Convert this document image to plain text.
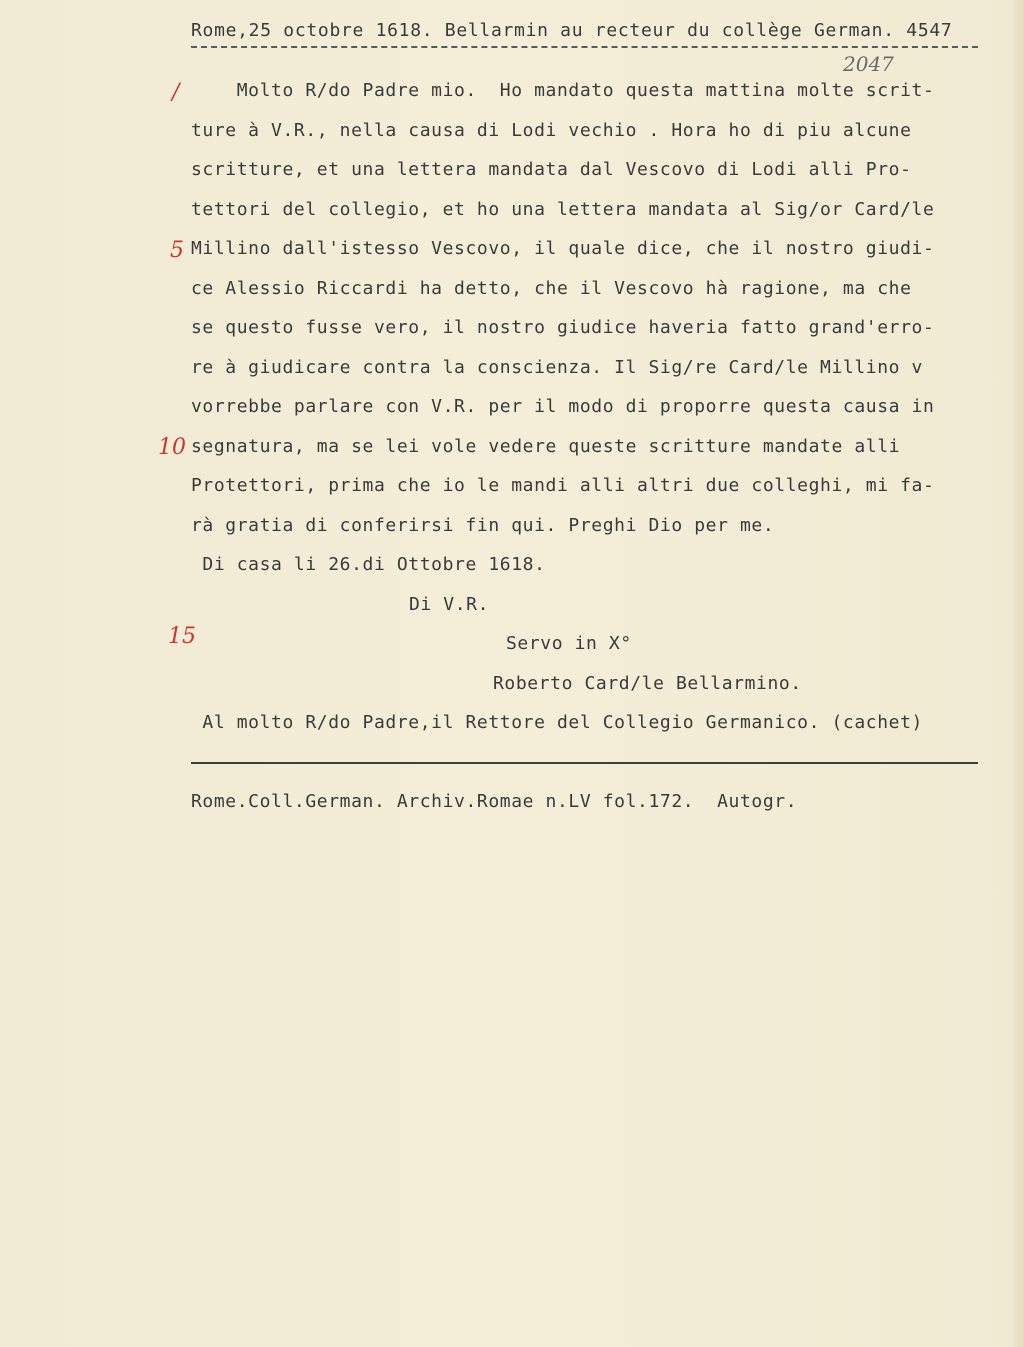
Rome,25 octobre 1618. Bellarmin au recteur du collège German. 4547
2047
/
5
10
15
Molto R/do Padre mio.  Ho mandato questa mattina molte scrit-
ture à V.R., nella causa di Lodi vechio . Hora ho di piu alcune
scritture, et una lettera mandata dal Vescovo di Lodi alli Pro-
tettori del collegio, et ho una lettera mandata al Sig/or Card/le
Millino dall'istesso Vescovo, il quale dice, che il nostro giudi-
ce Alessio Riccardi ha detto, che il Vescovo hà ragione, ma che
se questo fusse vero, il nostro giudice haveria fatto grand'erro-
re à giudicare contra la conscienza. Il Sig/re Card/le Millino v
vorrebbe parlare con V.R. per il modo di proporre questa causa in
segnatura, ma se lei vole vedere queste scritture mandate alli
Protettori, prima che io le mandi alli altri due colleghi, mi fa-
rà gratia di conferirsi fin qui. Preghi Dio per me.
Di casa li 26.di Ottobre 1618.
Di V.R.
Servo in X°
Roberto Card/le Bellarmino.
Al molto R/do Padre,il Rettore del Collegio Germanico. (cachet)
Rome.Coll.German. Archiv.Romae n.LV fol.172.  Autogr.
